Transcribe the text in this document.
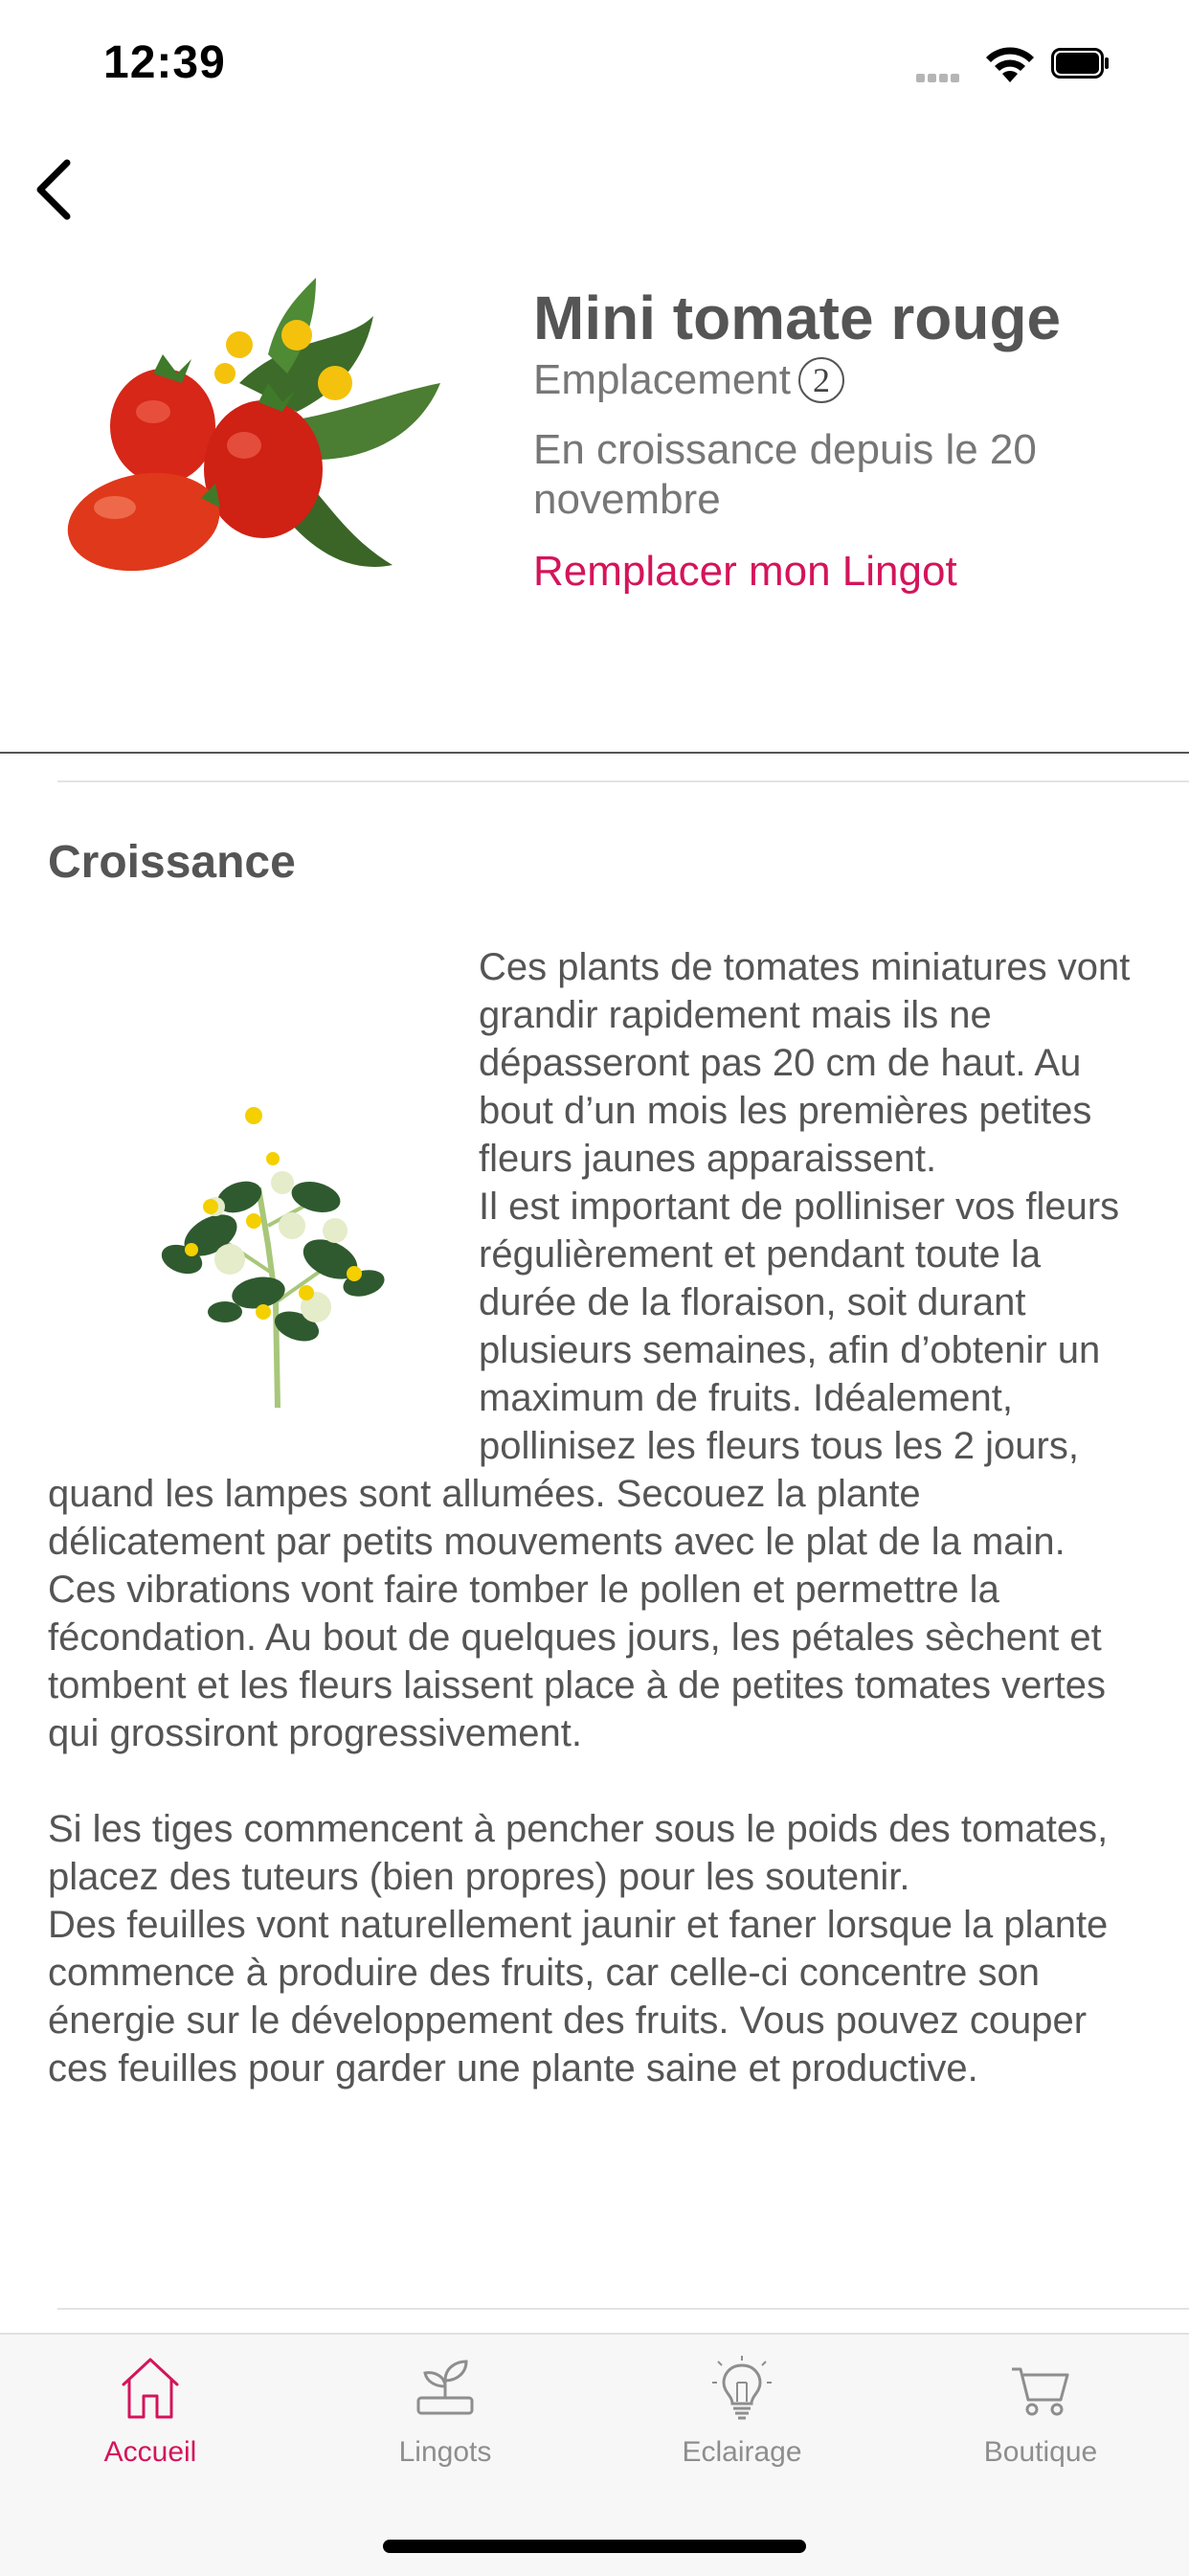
12:39
Mini tomate rouge
Emplacement 2
En croissance depuis le 20 novembre
Remplacer mon Lingot
Croissance

Ces plants de tomates miniatures vont grandir rapidement mais ils ne dépasseront pas 20 cm de haut. Au bout d’un mois les premières petites fleurs jaunes apparaissent.

Il est important de polliniser vos fleurs régulièrement et pendant toute la durée de la floraison, soit durant plusieurs semaines, afin d’obtenir un maximum de fruits. Idéalement, pollinisez les fleurs tous les 2 jours, quand les lampes sont allumées. Secouez la plante délicatement par petits mouvements avec le plat de la main. Ces vibrations vont faire tomber le pollen et permettre la fécondation. Au bout de quelques jours, les pétales sèchent et tombent et les fleurs laissent place à de petites tomates vertes qui grossiront progressivement.

Si les tiges commencent à pencher sous le poids des tomates, placez des tuteurs (bien propres) pour les soutenir.

Des feuilles vont naturellement jaunir et faner lorsque la plante commence à produire des fruits, car celle-ci concentre son énergie sur le développement des fruits. Vous pouvez couper ces feuilles pour garder une plante saine et productive.

Accueil	Lingots	Eclairage	Boutique
